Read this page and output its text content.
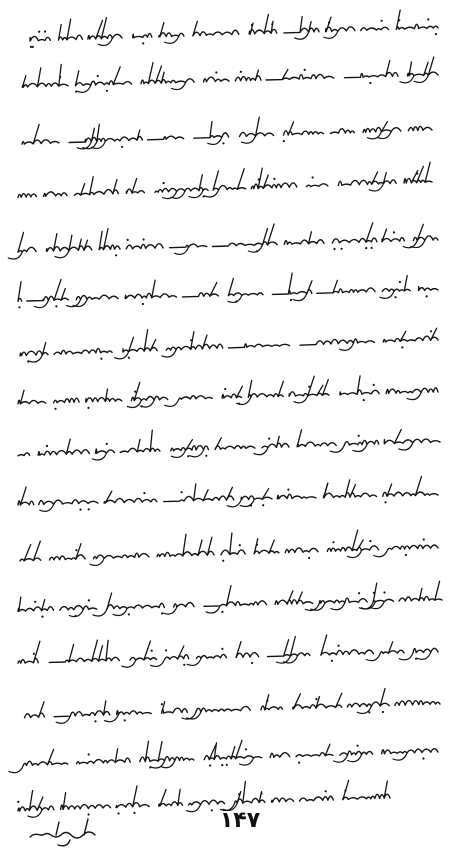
۱۴۷
